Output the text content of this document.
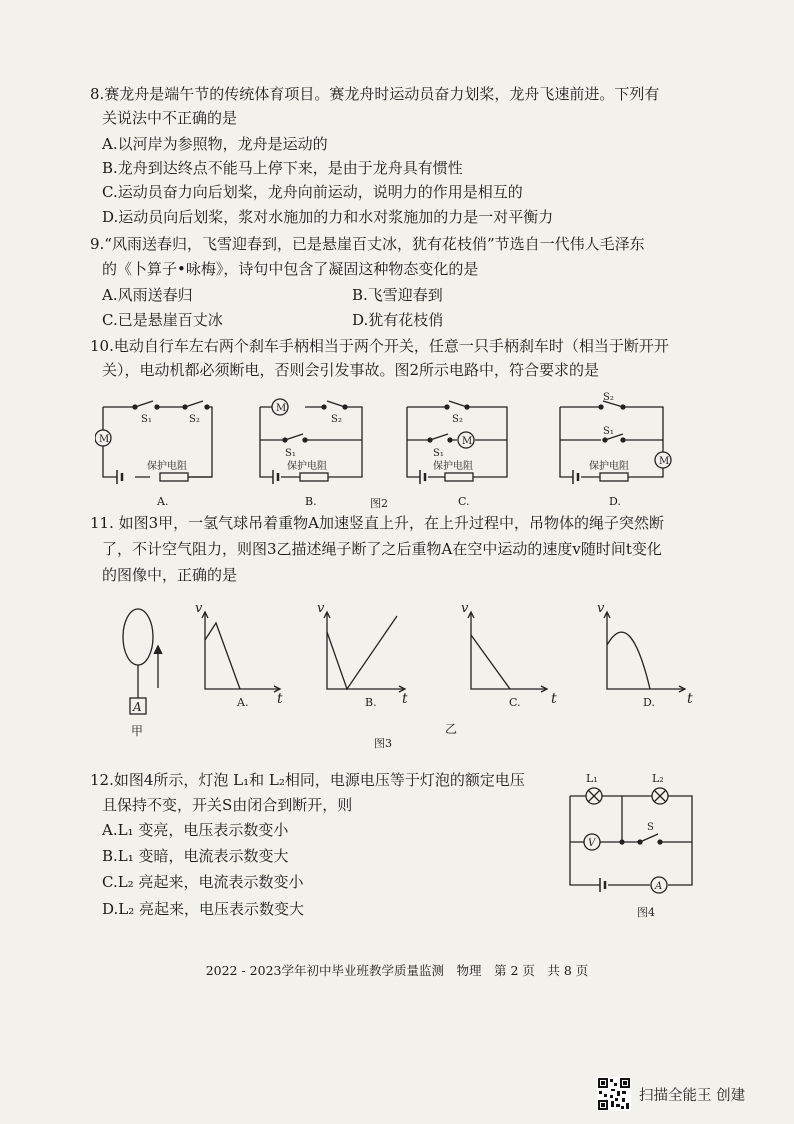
8.赛龙舟是端午节的传统体育项目。赛龙舟时运动员奋力划桨，龙舟飞速前进。下列有
关说法中不正确的是
A.以河岸为参照物，龙舟是运动的
B.龙舟到达终点不能马上停下来，是由于龙舟具有惯性
C.运动员奋力向后划桨，龙舟向前运动，说明力的作用是相互的
D.运动员向后划桨，浆对水施加的力和水对浆施加的力是一对平衡力
9.“风雨送春归，飞雪迎春到，已是悬崖百丈冰，犹有花枝俏”节选自一代伟人毛泽东
的《卜算子•咏梅》，诗句中包含了凝固这种物态变化的是
A.风雨送春归	B.飞雪迎春到
C.已是悬崖百丈冰	D.犹有花枝俏
10.电动自行车左右两个刹车手柄相当于两个开关，任意一只手柄刹车时（相当于断开开
关），电动机都必须断电，否则会引发事故。图2所示电路中，符合要求的是
M
M
M
M
S₁	S₂	S₂
S₁
S₂
S₁
S₂
S₁
保护电阻	保护电阻	保护电阻	保护电阻
A.	B.	图2	C.	D.
11. 如图3甲，一氢气球吊着重物A加速竖直上升，在上升过程中，吊物体的绳子突然断
了，不计空气阻力，则图3乙描述绳子断了之后重物A在空中运动的速度v随时间t变化
的图像中，正确的是
A
甲
v
t
A.
v
t
B.
v
t
C.
v
t
D.
乙
图3
12.如图4所示，灯泡 L₁和 L₂相同，电源电压等于灯泡的额定电压
且保持不变，开关S由闭合到断开，则
A.L₁ 变亮，电压表示数变小
B.L₁ 变暗，电流表示数变大
C.L₂ 亮起来，电流表示数变小
D.L₂ 亮起来，电压表示数变大
L₁	L₂
S
V
A
图4
2022 - 2023学年初中毕业班教学质量监测　物理　第 2 页　共 8 页
扫描全能王 创建
